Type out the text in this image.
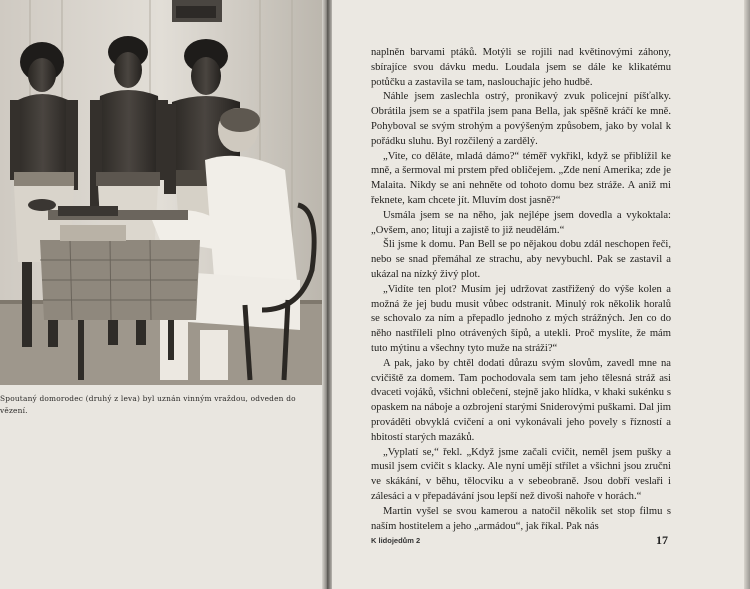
Spoutaný domorodec (druhý z leva) byl uznán vinným vraždou, odveden do vězení.

naplněn barvami ptáků. Motýli se rojili nad květinovými záhony, sbírajíce svou dávku medu. Loudala jsem se dále ke klikatému potůčku a zastavila se tam, naslouchajíc jeho hudbě.

Náhle jsem zaslechla ostrý, pronikavý zvuk policejní píšťalky. Obrátila jsem se a spatřila jsem pana Bella, jak spěšně kráčí ke mně. Pohyboval se svým strohým a povýšeným způsobem, jako by volal k pořádku sluhu. Byl rozčilený a zardělý.

„Vite, co děláte, mladá dámo?“ téměř vykřikl, když se přiblížil ke mně, a šermoval mi prstem před obličejem. „Zde není Amerika; zde je Malaita. Nikdy se ani nehněte od tohoto domu bez stráže. A aniž mi řeknete, kam chcete jít. Mluvím dost jasně?“

Usmála jsem se na něho, jak nejlépe jsem dovedla a vykoktala: „Ovšem, ano; lituji a zajistě to již neudělám.“

Šli jsme k domu. Pan Bell se po nějakou dobu zdál neschopen řeči, nebo se snad přemáhal ze strachu, aby nevybuchl. Pak se zastavil a ukázal na nízký živý plot.

„Vidíte ten plot? Musím jej udržovat zastřižený do výše kolen a možná že jej budu musit vůbec odstranit. Minulý rok několik horalů se schovalo za ním a přepadlo jednoho z mých strážných. Jen co do něho nastříleli plno otrávených šípů, a utekli. Proč myslíte, že mám tuto mýtinu a všechny tyto muže na stráži?“

A pak, jako by chtěl dodati důrazu svým slovům, zavedl mne na cvičiště za domem. Tam pochodovala sem tam jeho tělesná stráž asi dvaceti vojáků, všichni oblečení, stejně jako hlídka, v khaki sukénku s opaskem na náboje a ozbrojení starými Sniderovými puškami. Dal jim prováděti obvyklá cvičení a oni vykonávali jeho povely s řízností a hbitostí starých mazáků.

„Vyplatí se,“ řekl. „Když jsme začali cvičit, neměl jsem pušky a musil jsem cvičit s klacky. Ale nyní umějí střílet a všichni jsou zručni ve skákání, v běhu, tělocviku a v sebeobraně. Jsou dobří veslaři i zálesáci a v přepadávání jsou lepší než divoši nahoře v horách.“

Martin vyšel se svou kamerou a natočil několik set stop filmu s naším hostitelem a jeho „armádou“, jak říkal. Pak nás

K lidojedům 2	17
